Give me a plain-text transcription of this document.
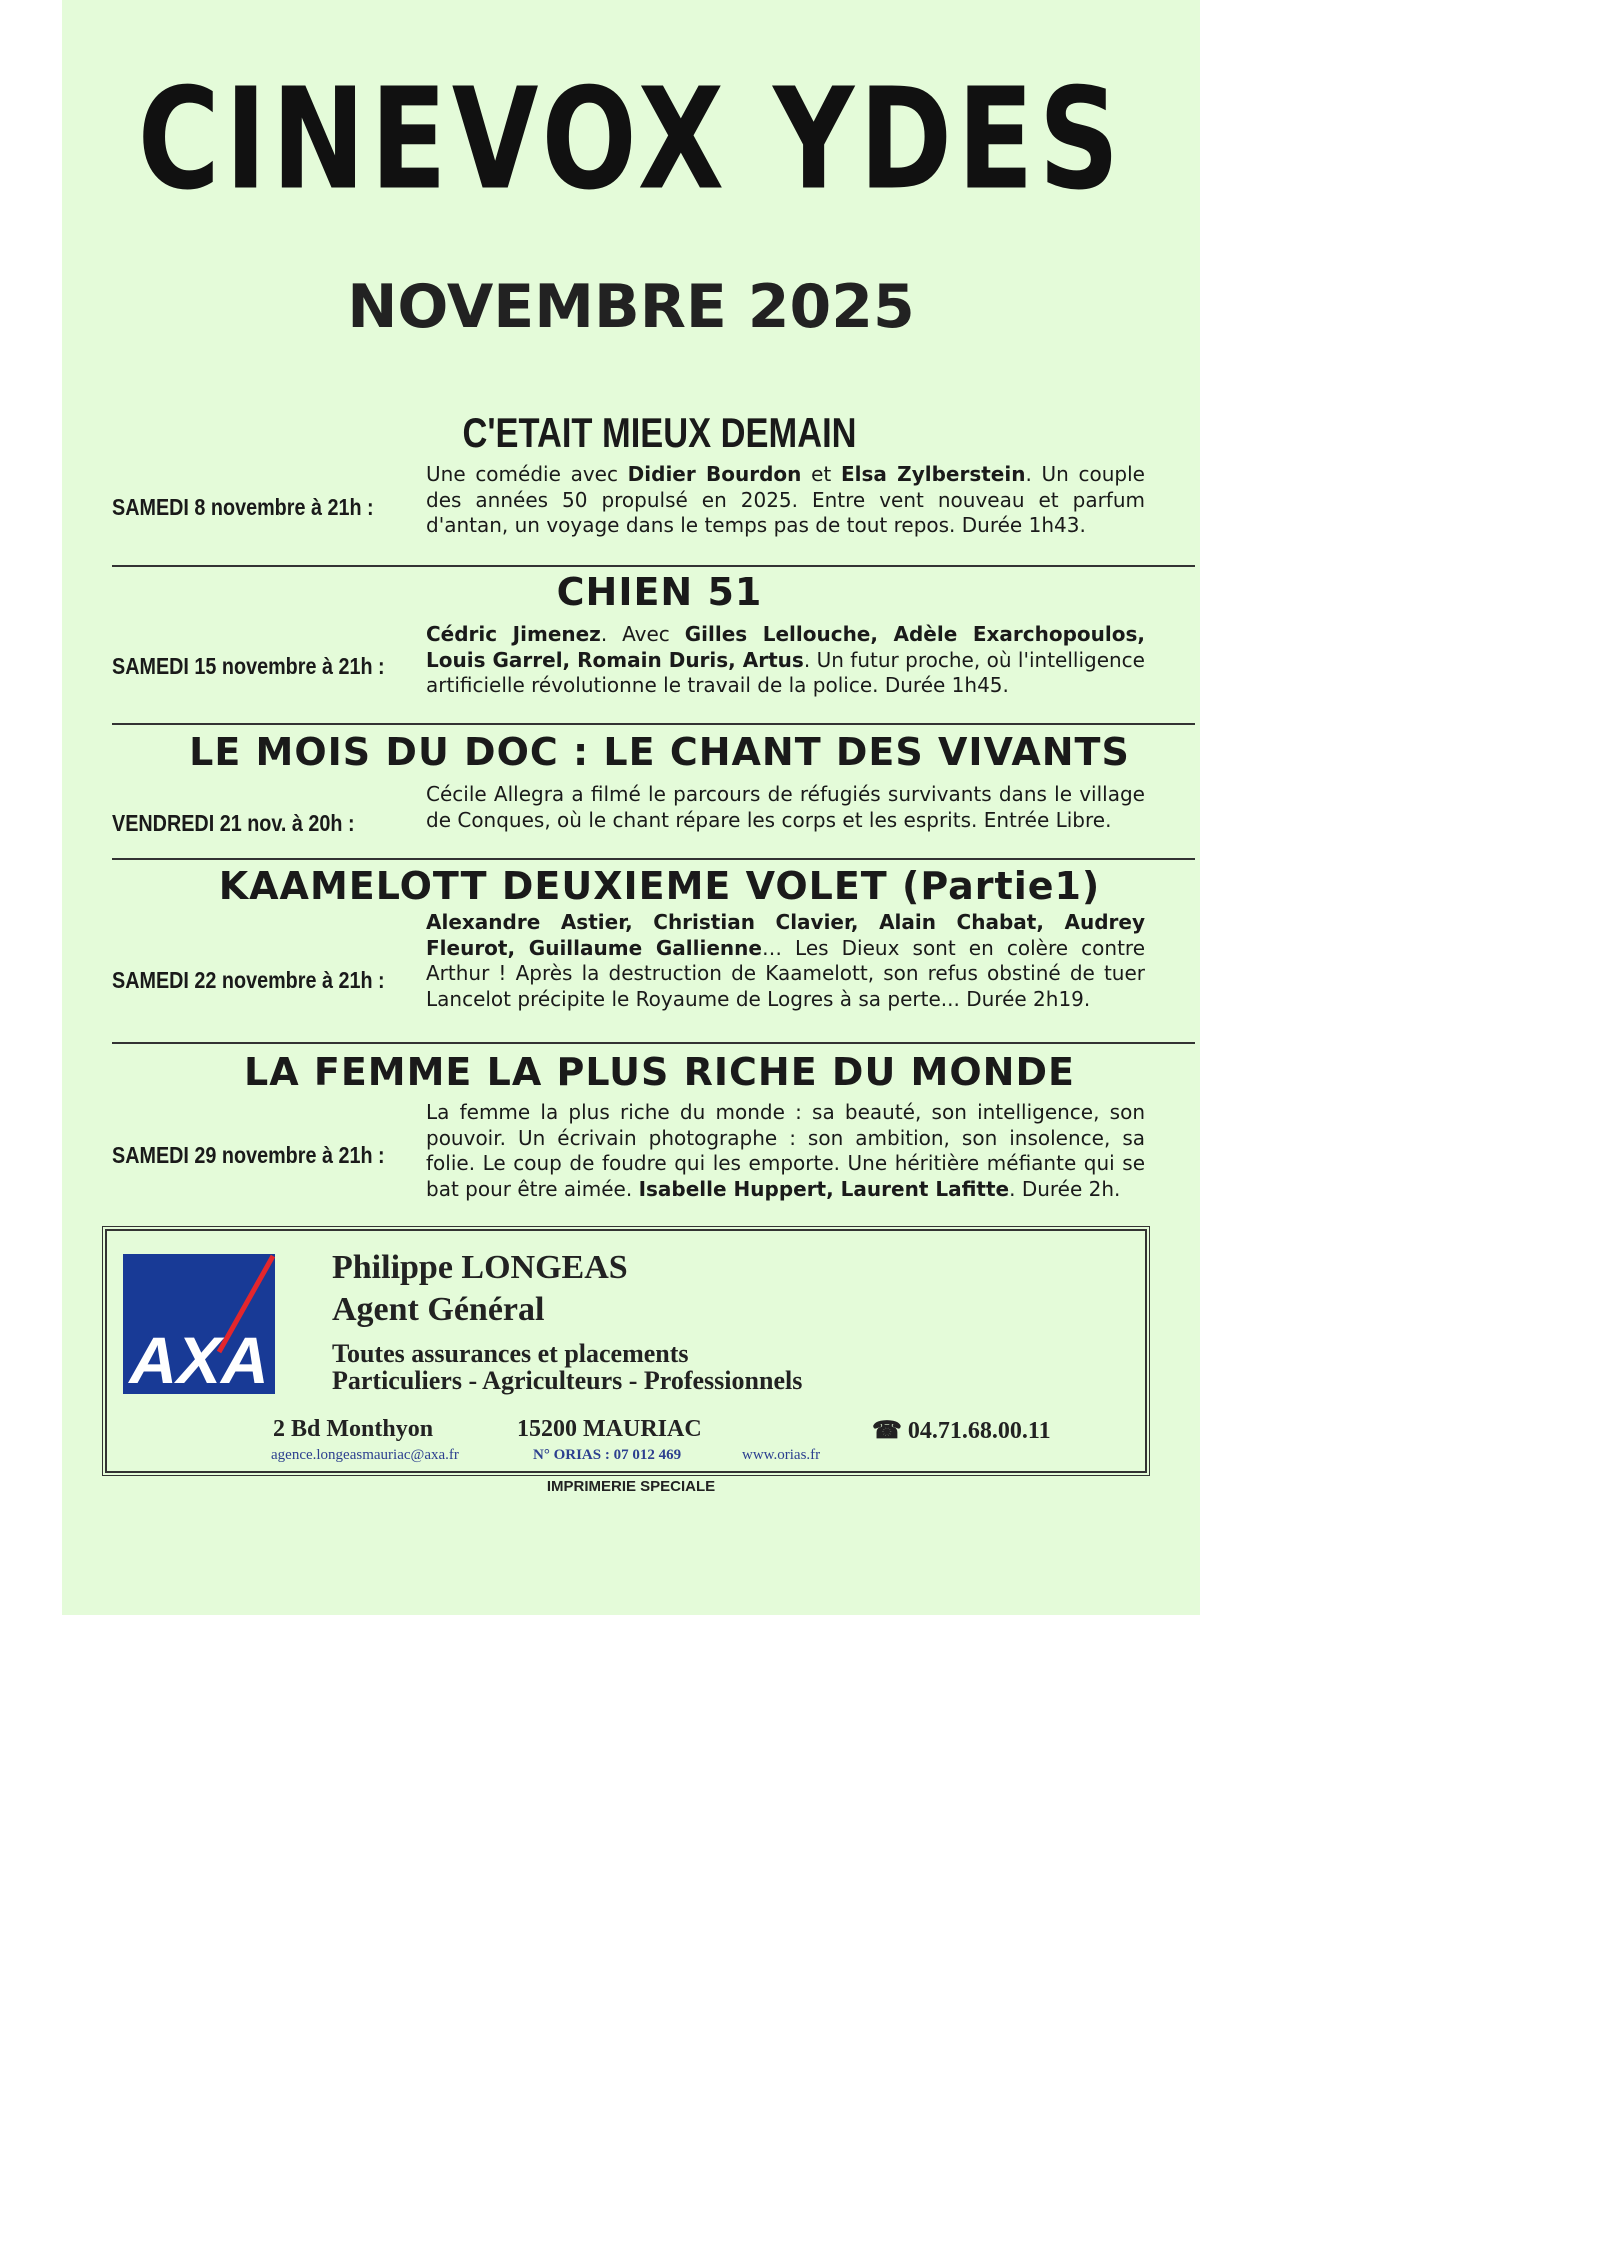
CINEVOX YDES
NOVEMBRE 2025
C'ETAIT MIEUX DEMAIN
SAMEDI 8 novembre à 21h :
Une comédie avec Didier Bourdon et Elsa Zylberstein. Un couple des années 50 propulsé en 2025. Entre vent nouveau et parfum d'antan, un voyage dans le temps pas de tout repos. Durée 1h43.
CHIEN 51
SAMEDI 15 novembre à 21h :
Cédric Jimenez. Avec Gilles Lellouche, Adèle Exarchopoulos, Louis Garrel, Romain Duris, Artus. Un futur proche, où l'intelligence artificielle révolutionne le travail de la police. Durée 1h45.
LE MOIS DU DOC : LE CHANT DES VIVANTS
VENDREDI 21 nov. à 20h :
Cécile Allegra a filmé le parcours de réfugiés survivants dans le village de Conques, où le chant répare les corps et les esprits. Entrée Libre.
KAAMELOTT DEUXIEME VOLET (Partie1)
SAMEDI 22 novembre à 21h :
Alexandre Astier, Christian Clavier, Alain Chabat, Audrey Fleurot, Guillaume Gallienne… Les Dieux sont en colère contre Arthur ! Après la destruction de Kaamelott, son refus obstiné de tuer Lancelot précipite le Royaume de Logres à sa perte... Durée 2h19.
LA FEMME LA PLUS RICHE DU MONDE
SAMEDI 29 novembre à 21h :
La femme la plus riche du monde : sa beauté, son intelligence, son pouvoir. Un écrivain photographe : son ambition, son insolence, sa folie. Le coup de foudre qui les emporte. Une héritière méfiante qui se bat pour être aimée. Isabelle Huppert, Laurent Lafitte. Durée 2h.
AXA
Philippe LONGEAS
Agent Général
Toutes assurances et placements
Particuliers - Agriculteurs - Professionnels
2 Bd Monthyon	15200 MAURIAC	☎ 04.71.68.00.11
agence.longeasmauriac@axa.fr	N° ORIAS : 07 012 469	www.orias.fr
IMPRIMERIE SPECIALE
